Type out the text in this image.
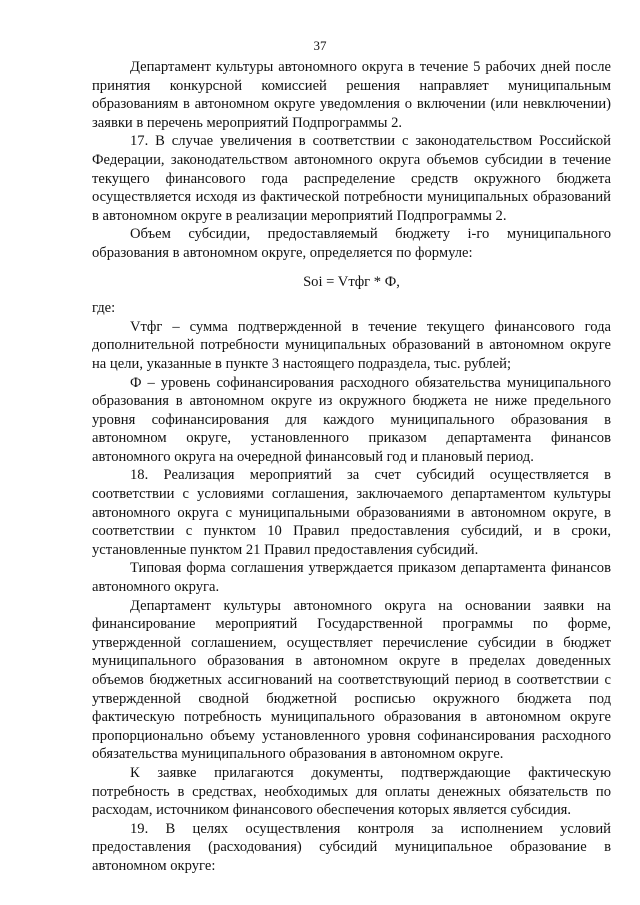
37

Департамент культуры автономного округа в течение 5 рабочих дней после принятия конкурсной комиссией решения направляет муниципальным образованиям в автономном округе уведомления о включении (или невключении) заявки в перечень мероприятий Подпрограммы 2.

17. В случае увеличения в соответствии с законодательством Российской Федерации, законодательством автономного округа объемов субсидии в течение текущего финансового года распределение средств окружного бюджета осуществляется исходя из фактической потребности муниципальных образований в автономном округе в реализации мероприятий Подпрограммы 2.

Объем субсидии, предоставляемый бюджету i-го муниципального образования в автономном округе, определяется по формуле:

Soi = Vтфг * Ф,

где:

Vтфг – сумма подтвержденной в течение текущего финансового года дополнительной потребности муниципальных образований в автономном округе на цели, указанные в пункте 3 настоящего подраздела, тыс. рублей;

Ф – уровень софинансирования расходного обязательства муниципального образования в автономном округе из окружного бюджета не ниже предельного уровня софинансирования для каждого муниципального образования в автономном округе, установленного приказом департамента финансов автономного округа на очередной финансовый год и плановый период.

18. Реализация мероприятий за счет субсидий осуществляется в соответствии с условиями соглашения, заключаемого департаментом культуры автономного округа с муниципальными образованиями в автономном округе, в соответствии с пунктом 10 Правил предоставления субсидий, и в сроки, установленные пунктом 21 Правил предоставления субсидий.

Типовая форма соглашения утверждается приказом департамента финансов автономного округа.

Департамент культуры автономного округа на основании заявки на финансирование мероприятий Государственной программы по форме, утвержденной соглашением, осуществляет перечисление субсидии в бюджет муниципального образования в автономном округе в пределах доведенных объемов бюджетных ассигнований на соответствующий период в соответствии с утвержденной сводной бюджетной росписью окружного бюджета под фактическую потребность муниципального образования в автономном округе пропорционально объему установленного уровня софинансирования расходного обязательства муниципального образования в автономном округе.

К заявке прилагаются документы, подтверждающие фактическую потребность в средствах, необходимых для оплаты денежных обязательств по расходам, источником финансового обеспечения которых является субсидия.

19. В целях осуществления контроля за исполнением условий предоставления (расходования) субсидий муниципальное образование в автономном округе:
